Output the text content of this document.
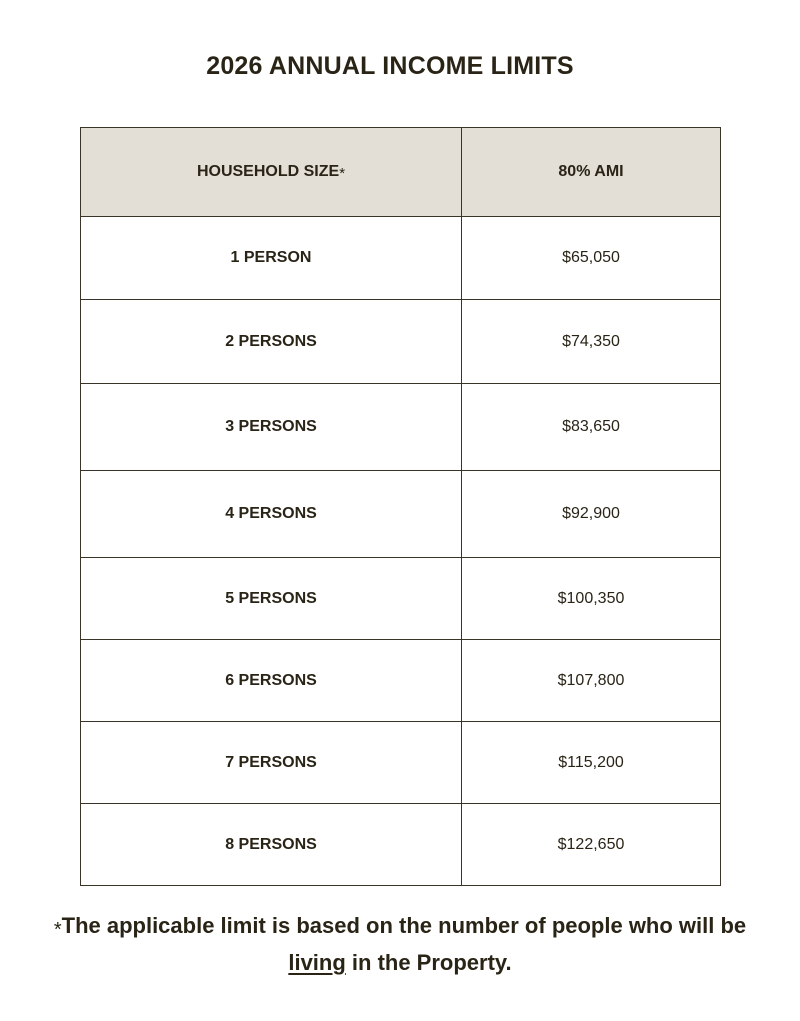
2026 ANNUAL INCOME LIMITS
HOUSEHOLD SIZE*	80% AMI
1 PERSON	$65,050
2 PERSONS	$74,350
3 PERSONS	$83,650
4 PERSONS	$92,900
5 PERSONS	$100,350
6 PERSONS	$107,800
7 PERSONS	$115,200
8 PERSONS	$122,650
*The applicable limit is based on the number of people who will be
living in the Property.
